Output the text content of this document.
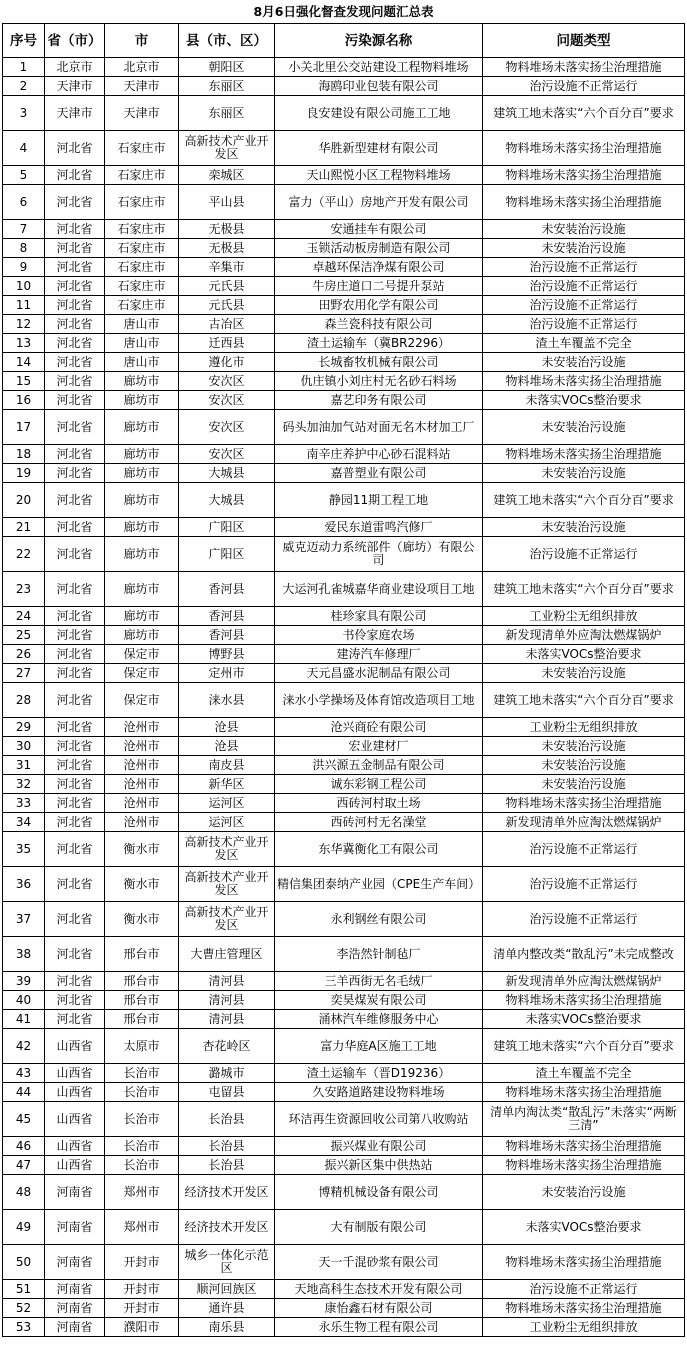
8月6日强化督查发现问题汇总表
序号	省（市）	市	县（市、区）	污染源名称	问题类型
1	北京市	北京市	朝阳区	小关北里公交站建设工程物料堆场	物料堆场未落实扬尘治理措施
2	天津市	天津市	东丽区	海鸥印业包装有限公司	治污设施不正常运行
3	天津市	天津市	东丽区	良安建设有限公司施工工地	建筑工地未落实“六个百分百”要求
4	河北省	石家庄市	高新技术产业开发区	华胜新型建材有限公司	物料堆场未落实扬尘治理措施
5	河北省	石家庄市	栾城区	天山熙悦小区工程物料堆场	物料堆场未落实扬尘治理措施
6	河北省	石家庄市	平山县	富力（平山）房地产开发有限公司	物料堆场未落实扬尘治理措施
7	河北省	石家庄市	无极县	安通挂车有限公司	未安装治污设施
8	河北省	石家庄市	无极县	玉锁活动板房制造有限公司	未安装治污设施
9	河北省	石家庄市	辛集市	卓越环保洁净煤有限公司	治污设施不正常运行
10	河北省	石家庄市	元氏县	牛房庄道口二号提升泵站	治污设施不正常运行
11	河北省	石家庄市	元氏县	田野农用化学有限公司	治污设施不正常运行
12	河北省	唐山市	古冶区	森兰瓷科技有限公司	治污设施不正常运行
13	河北省	唐山市	迁西县	渣土运输车（冀BR2296）	渣土车覆盖不完全
14	河北省	唐山市	遵化市	长城畜牧机械有限公司	未安装治污设施
15	河北省	廊坊市	安次区	仇庄镇小刘庄村无名砂石料场	物料堆场未落实扬尘治理措施
16	河北省	廊坊市	安次区	嘉艺印务有限公司	未落实VOCs整治要求
17	河北省	廊坊市	安次区	码头加油加气站对面无名木材加工厂	未安装治污设施
18	河北省	廊坊市	安次区	南辛庄养护中心砂石混料站	物料堆场未落实扬尘治理措施
19	河北省	廊坊市	大城县	嘉普塑业有限公司	未安装治污设施
20	河北省	廊坊市	大城县	静园11期工程工地	建筑工地未落实“六个百分百”要求
21	河北省	廊坊市	广阳区	爱民东道雷鸣汽修厂	未安装治污设施
22	河北省	廊坊市	广阳区	威克迈动力系统部件（廊坊）有限公司	治污设施不正常运行
23	河北省	廊坊市	香河县	大运河孔雀城嘉华商业建设项目工地	建筑工地未落实“六个百分百”要求
24	河北省	廊坊市	香河县	桂珍家具有限公司	工业粉尘无组织排放
25	河北省	廊坊市	香河县	书伶家庭农场	新发现清单外应淘汰燃煤锅炉
26	河北省	保定市	博野县	建涛汽车修理厂	未落实VOCs整治要求
27	河北省	保定市	定州市	天元昌盛水泥制品有限公司	未安装治污设施
28	河北省	保定市	涞水县	涞水小学操场及体育馆改造项目工地	建筑工地未落实“六个百分百”要求
29	河北省	沧州市	沧县	沧兴商砼有限公司	工业粉尘无组织排放
30	河北省	沧州市	沧县	宏业建材厂	未安装治污设施
31	河北省	沧州市	南皮县	洪兴源五金制品有限公司	未安装治污设施
32	河北省	沧州市	新华区	诚东彩钢工程公司	未安装治污设施
33	河北省	沧州市	运河区	西砖河村取土场	物料堆场未落实扬尘治理措施
34	河北省	沧州市	运河区	西砖河村无名澡堂	新发现清单外应淘汰燃煤锅炉
35	河北省	衡水市	高新技术产业开发区	东华冀衡化工有限公司	治污设施不正常运行
36	河北省	衡水市	高新技术产业开发区	精信集团泰纳产业园（CPE生产车间）	治污设施不正常运行
37	河北省	衡水市	高新技术产业开发区	永利钢丝有限公司	治污设施不正常运行
38	河北省	邢台市	大曹庄管理区	李浩然针制毡厂	清单内整改类“散乱污”未完成整改
39	河北省	邢台市	清河县	三羊西街无名毛绒厂	新发现清单外应淘汰燃煤锅炉
40	河北省	邢台市	清河县	奕昊煤炭有限公司	物料堆场未落实扬尘治理措施
41	河北省	邢台市	清河县	涌林汽车维修服务中心	未落实VOCs整治要求
42	山西省	太原市	杏花岭区	富力华庭A区施工工地	建筑工地未落实“六个百分百”要求
43	山西省	长治市	潞城市	渣土运输车（晋D19236）	渣土车覆盖不完全
44	山西省	长治市	屯留县	久安路道路建设物料堆场	物料堆场未落实扬尘治理措施
45	山西省	长治市	长治县	环洁再生资源回收公司第八收购站	清单内淘汰类“散乱污”未落实“两断三清”
46	山西省	长治市	长治县	振兴煤业有限公司	物料堆场未落实扬尘治理措施
47	山西省	长治市	长治县	振兴新区集中供热站	物料堆场未落实扬尘治理措施
48	河南省	郑州市	经济技术开发区	博精机械设备有限公司	未安装治污设施
49	河南省	郑州市	经济技术开发区	大有制版有限公司	未落实VOCs整治要求
50	河南省	开封市	城乡一体化示范区	天一千混砂浆有限公司	物料堆场未落实扬尘治理措施
51	河南省	开封市	顺河回族区	天地高科生态技术开发有限公司	治污设施不正常运行
52	河南省	开封市	通许县	康怡鑫石材有限公司	物料堆场未落实扬尘治理措施
53	河南省	濮阳市	南乐县	永乐生物工程有限公司	工业粉尘无组织排放
